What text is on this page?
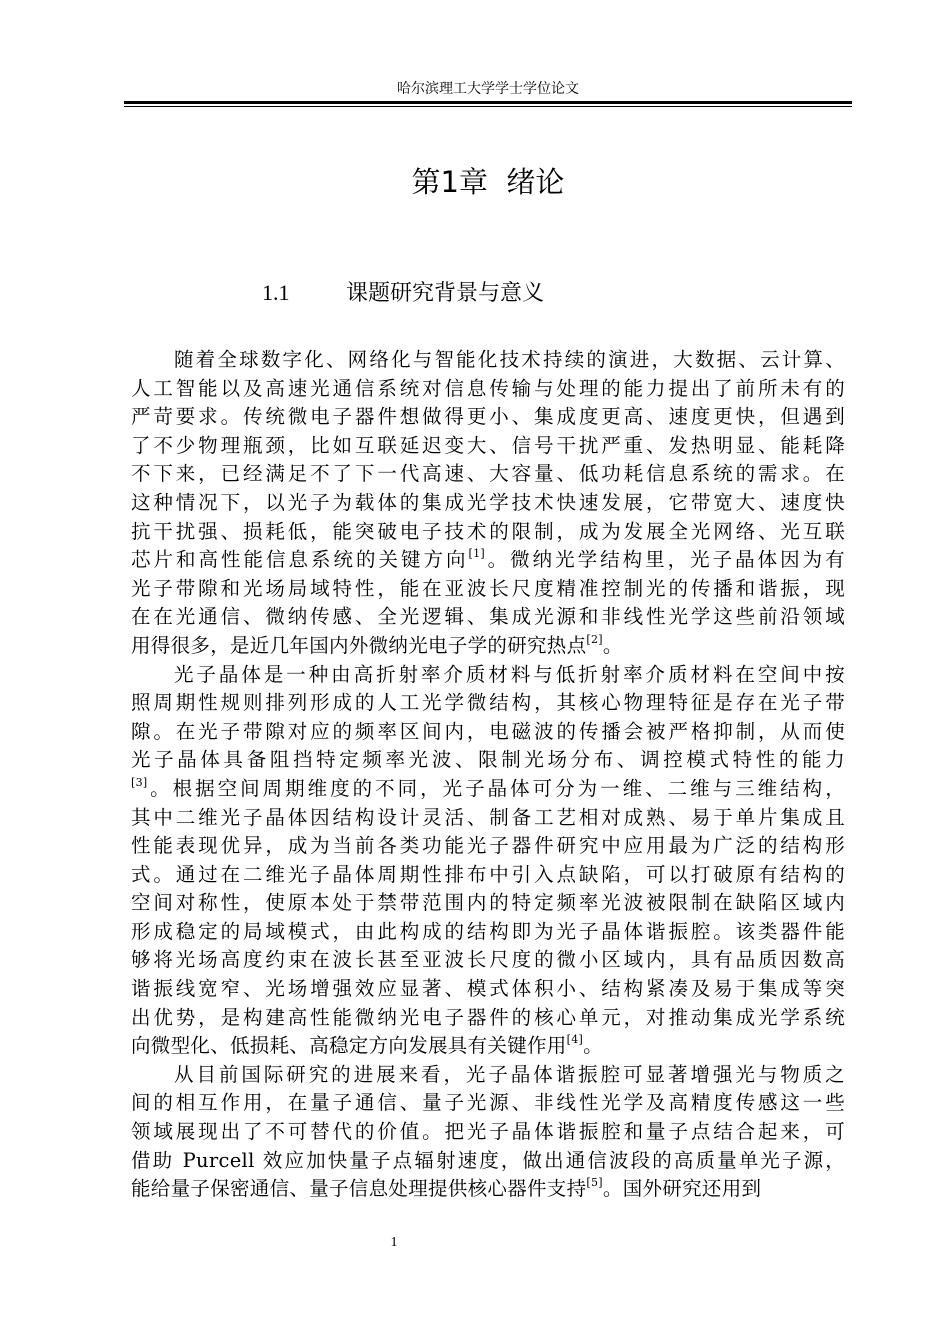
哈尔滨理工大学学士学位论文
第1章  绪论
1.1	课题研究背景与意义
随着全球数字化、网络化与智能化技术持续的演进，大数据、云计算、
人工智能以及高速光通信系统对信息传输与处理的能力提出了前所未有的
严苛要求。传统微电子器件想做得更小、集成度更高、速度更快，但遇到
了不少物理瓶颈，比如互联延迟变大、信号干扰严重、发热明显、能耗降
不下来，已经满足不了下一代高速、大容量、低功耗信息系统的需求。在
这种情况下，以光子为载体的集成光学技术快速发展，它带宽大、速度快
抗干扰强、损耗低，能突破电子技术的限制，成为发展全光网络、光互联
芯片和高性能信息系统的关键方向[1]。微纳光学结构里，光子晶体因为有
光子带隙和光场局域特性，能在亚波长尺度精准控制光的传播和谐振，现
在在光通信、微纳传感、全光逻辑、集成光源和非线性光学这些前沿领域
用得很多，是近几年国内外微纳光电子学的研究热点[2]。
光子晶体是一种由高折射率介质材料与低折射率介质材料在空间中按
照周期性规则排列形成的人工光学微结构，其核心物理特征是存在光子带
隙。在光子带隙对应的频率区间内，电磁波的传播会被严格抑制，从而使
光子晶体具备阻挡特定频率光波、限制光场分布、调控模式特性的能力
[3]。根据空间周期维度的不同，光子晶体可分为一维、二维与三维结构，
其中二维光子晶体因结构设计灵活、制备工艺相对成熟、易于单片集成且
性能表现优异，成为当前各类功能光子器件研究中应用最为广泛的结构形
式。通过在二维光子晶体周期性排布中引入点缺陷，可以打破原有结构的
空间对称性，使原本处于禁带范围内的特定频率光波被限制在缺陷区域内
形成稳定的局域模式，由此构成的结构即为光子晶体谐振腔。该类器件能
够将光场高度约束在波长甚至亚波长尺度的微小区域内，具有品质因数高
谐振线宽窄、光场增强效应显著、模式体积小、结构紧凑及易于集成等突
出优势，是构建高性能微纳光电子器件的核心单元，对推动集成光学系统
向微型化、低损耗、高稳定方向发展具有关键作用[4]。
从目前国际研究的进展来看，光子晶体谐振腔可显著增强光与物质之
间的相互作用，在量子通信、量子光源、非线性光学及高精度传感这一些
领域展现出了不可替代的价值。把光子晶体谐振腔和量子点结合起来，可
借助 Purcell 效应加快量子点辐射速度，做出通信波段的高质量单光子源，
能给量子保密通信、量子信息处理提供核心器件支持[5]。国外研究还用到
1
